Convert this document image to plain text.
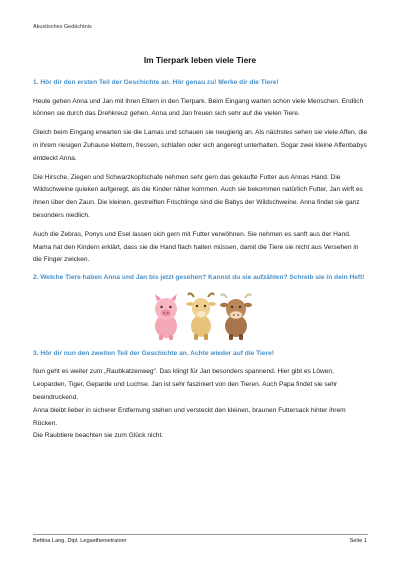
Akustisches Gedächtnis
Im Tierpark leben viele Tiere
1. Hör dir den ersten Teil der Geschichte an. Hör genau zu! Merke dir die Tiere!

Heute gehen Anna und Jan mit ihren Eltern in den Tierpark. Beim Eingang warten schon viele Menschen. Endlich können sie durch das Drehkreuz gehen. Anna und Jan freuen sich sehr auf die vielen Tiere.

Gleich beim Eingang erwarten sie die Lamas und schauen sie neugierig an. Als nächstes sehen sie viele Affen, die in ihrem riesigen Zuhause klettern, fressen, schlafen oder sich angeregt unterhalten. Sogar zwei kleine Affenbabys entdeckt Anna.

Die Hirsche, Ziegen und Schwarzkopfschafe nehmen sehr gern das gekaufte Futter aus Annas Hand. Die Wildschweine quieken aufgeregt, als die Kinder näher kommen. Auch sie bekommen natürlich Futter, Jan wirft es ihnen über den Zaun. Die kleinen, gestreiften Frischlinge sind die Babys der Wildschweine. Anna findet sie ganz besonders niedlich.

Auch die Zebras, Ponys und Esel lassen sich gern mit Futter verwöhnen. Sie nehmen es sanft aus der Hand. Mama hat den Kindern erklärt, dass sie die Hand flach halten müssen, damit die Tiere sie nicht aus Versehen in die Finger zwicken.

2. Welche Tiere haben Anna und Jan bis jetzt gesehen? Kannst du sie aufzählen? Schreib sie in dein Heft!
3. Hör dir nun den zweiten Teil der Geschichte an. Achte wieder auf die Tiere!

Nun geht es weiter zum „Raubkatzenweg“. Das klingt für Jan besonders spannend. Hier gibt es Löwen, Leoparden, Tiger, Geparde und Luchse. Jan ist sehr fasziniert von den Tieren. Auch Papa findet sie sehr beeindruckend.

Anna bleibt lieber in sicherer Entfernung stehen und versteckt den kleinen, braunen Futtersack hinter ihrem Rücken.

Die Raubtiere beachten sie zum Glück nicht.

Bettina Lang, Dipl. Legasthenietrainer	Seite 1
